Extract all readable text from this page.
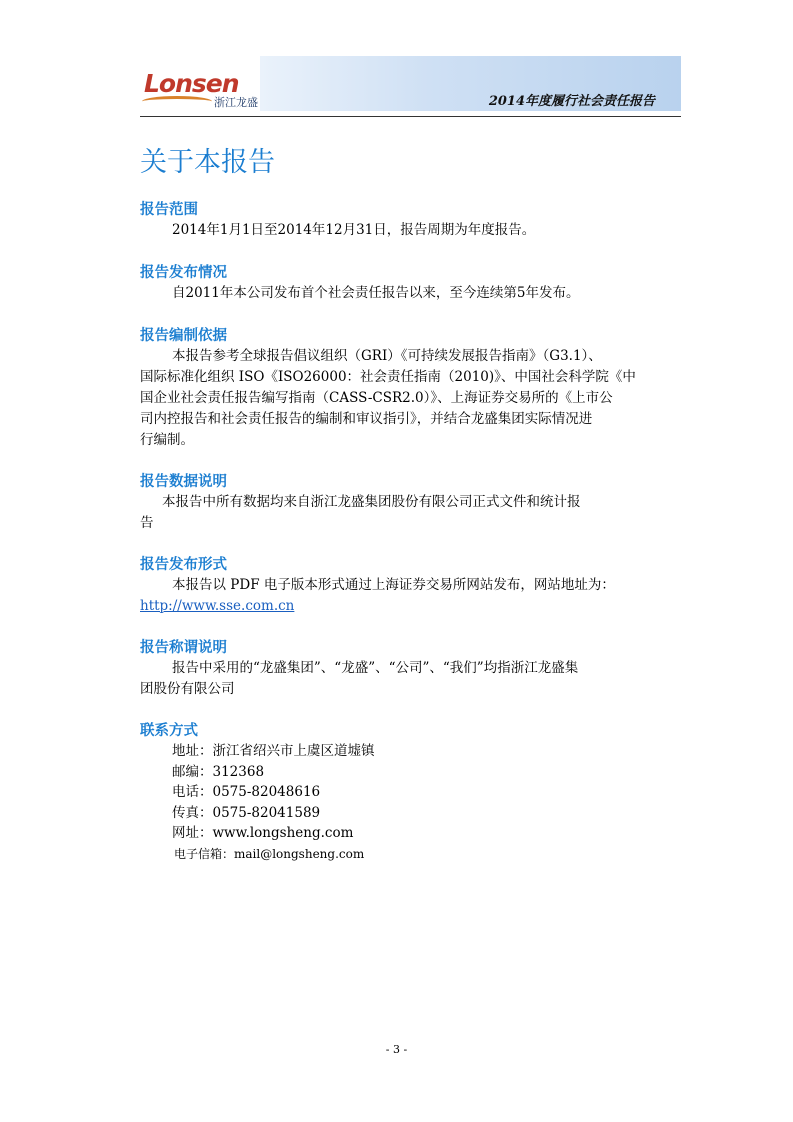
Lonsen
浙江龙盛	2014年度履行社会责任报告
关于本报告
报告范围
2014年1月1日至2014年12月31日，报告周期为年度报告。
报告发布情况
自2011年本公司发布首个社会责任报告以来，至今连续第5年发布。
报告编制依据
本报告参考全球报告倡议组织（GRI）《可持续发展报告指南》（G3.1）、
国际标准化组织 ISO《ISO26000：社会责任指南（2010)》、中国社会科学院《中
国企业社会责任报告编写指南（CASS-CSR2.0）》、上海证券交易所的《上市公
司内控报告和社会责任报告的编制和审议指引》，并结合龙盛集团实际情况进
行编制。
报告数据说明
本报告中所有数据均来自浙江龙盛集团股份有限公司正式文件和统计报
告
报告发布形式
本报告以 PDF 电子版本形式通过上海证券交易所网站发布，网站地址为：
http://www.sse.com.cn
报告称谓说明
报告中采用的“龙盛集团”、“龙盛”、“公司”、“我们”均指浙江龙盛集
团股份有限公司
联系方式
地址：浙江省绍兴市上虞区道墟镇
邮编：312368
电话：0575-82048616
传真：0575-82041589
网址：www.longsheng.com
电子信箱：mail@longsheng.com
- 3 -
